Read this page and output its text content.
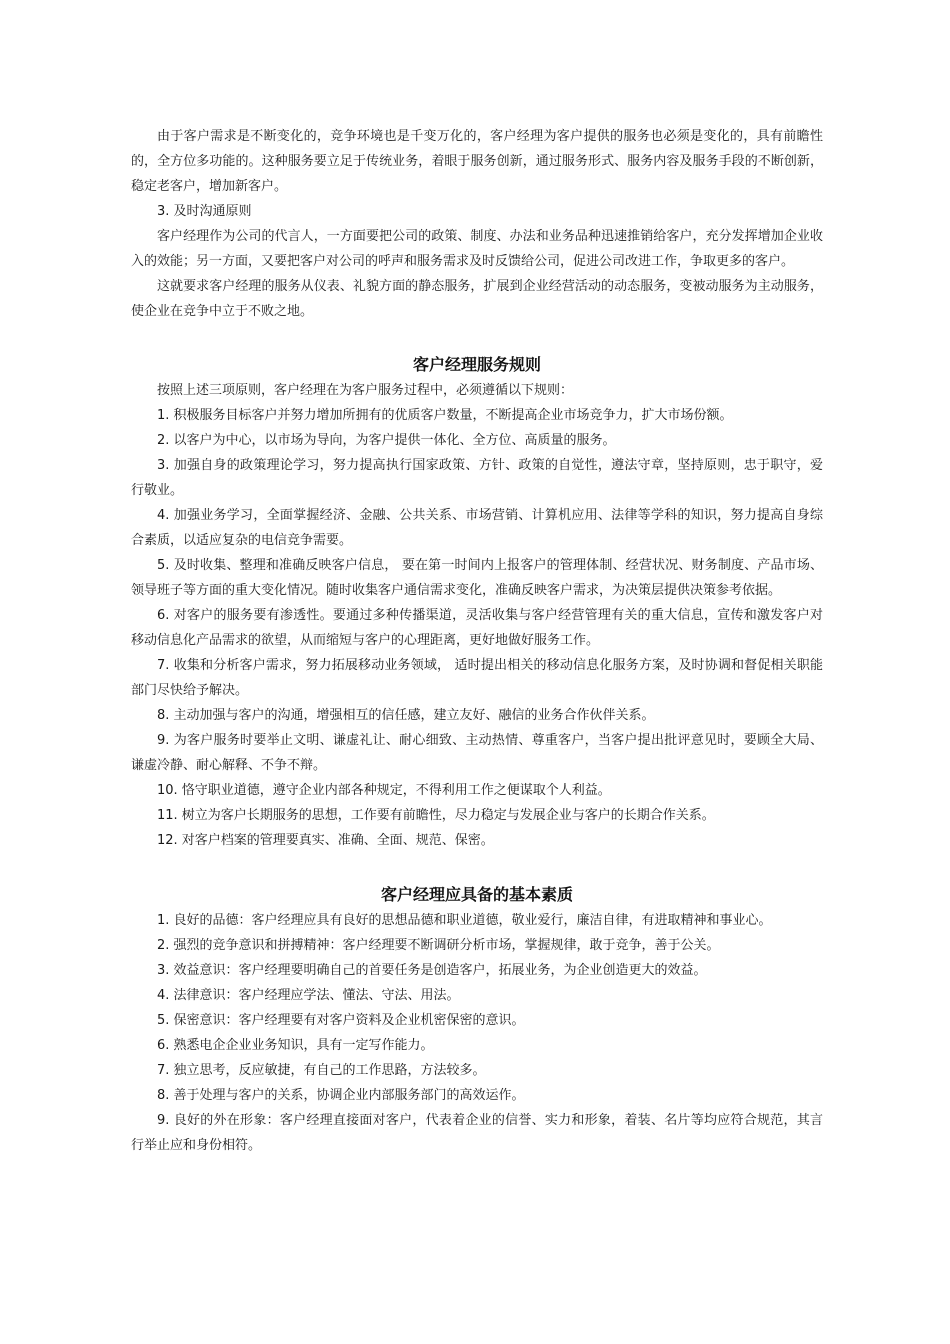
由于客户需求是不断变化的，竞争环境也是千变万化的，客户经理为客户提供的服务也必须是变化的，具有前瞻性的，全方位多功能的。这种服务要立足于传统业务，着眼于服务创新，通过服务形式、服务内容及服务手段的不断创新，稳定老客户，增加新客户。

3. 及时沟通原则

客户经理作为公司的代言人，一方面要把公司的政策、制度、办法和业务品种迅速推销给客户，充分发挥增加企业收入的效能；另一方面，又要把客户对公司的呼声和服务需求及时反馈给公司，促进公司改进工作，争取更多的客户。

这就要求客户经理的服务从仪表、礼貌方面的静态服务，扩展到企业经营活动的动态服务，变被动服务为主动服务，使企业在竞争中立于不败之地。

客户经理服务规则

按照上述三项原则，客户经理在为客户服务过程中，必须遵循以下规则：

1. 积极服务目标客户并努力增加所拥有的优质客户数量，不断提高企业市场竞争力，扩大市场份额。

2. 以客户为中心，以市场为导向，为客户提供一体化、全方位、高质量的服务。

3. 加强自身的政策理论学习，努力提高执行国家政策、方针、政策的自觉性，遵法守章，坚持原则，忠于职守，爱行敬业。

4. 加强业务学习，全面掌握经济、金融、公共关系、市场营销、计算机应用、法律等学科的知识，努力提高自身综合素质，以适应复杂的电信竞争需要。

5. 及时收集、整理和准确反映客户信息， 要在第一时间内上报客户的管理体制、经营状况、财务制度、产品市场、领导班子等方面的重大变化情况。随时收集客户通信需求变化，准确反映客户需求，为决策层提供决策参考依据。

6. 对客户的服务要有渗透性。要通过多种传播渠道，灵活收集与客户经营管理有关的重大信息，宣传和激发客户对移动信息化产品需求的欲望，从而缩短与客户的心理距离，更好地做好服务工作。

7. 收集和分析客户需求，努力拓展移动业务领域， 适时提出相关的移动信息化服务方案，及时协调和督促相关职能部门尽快给予解决。

8. 主动加强与客户的沟通，增强相互的信任感，建立友好、融信的业务合作伙伴关系。

9. 为客户服务时要举止文明、谦虚礼让、耐心细致、主动热情、尊重客户，当客户提出批评意见时，要顾全大局、谦虚冷静、耐心解释、不争不辩。

10. 恪守职业道德，遵守企业内部各种规定，不得利用工作之便谋取个人利益。

11. 树立为客户长期服务的思想，工作要有前瞻性，尽力稳定与发展企业与客户的长期合作关系。

12. 对客户档案的管理要真实、准确、全面、规范、保密。

客户经理应具备的基本素质

1. 良好的品德：客户经理应具有良好的思想品德和职业道德，敬业爱行，廉洁自律，有进取精神和事业心。

2. 强烈的竞争意识和拼搏精神：客户经理要不断调研分析市场，掌握规律，敢于竞争，善于公关。

3. 效益意识：客户经理要明确自己的首要任务是创造客户，拓展业务，为企业创造更大的效益。

4. 法律意识：客户经理应学法、懂法、守法、用法。

5. 保密意识：客户经理要有对客户资料及企业机密保密的意识。

6. 熟悉电企企业业务知识，具有一定写作能力。

7. 独立思考，反应敏捷，有自己的工作思路，方法较多。

8. 善于处理与客户的关系，协调企业内部服务部门的高效运作。

9. 良好的外在形象：客户经理直接面对客户，代表着企业的信誉、实力和形象，着装、名片等均应符合规范，其言行举止应和身份相符。
